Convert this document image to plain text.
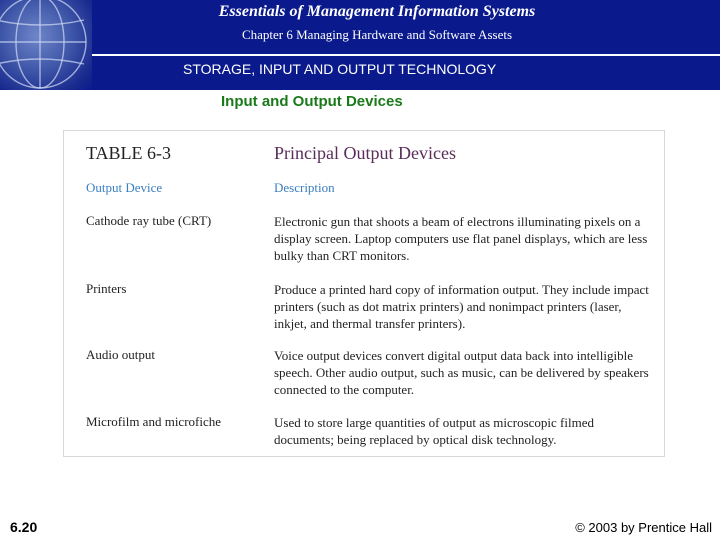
Essentials of Management Information Systems
Chapter 6 Managing Hardware and Software Assets
STORAGE, INPUT AND OUTPUT TECHNOLOGY
Input and Output Devices
TABLE 6-3	Principal Output Devices
Output Device	Description
Cathode ray tube (CRT)	Electronic gun that shoots a beam of electrons illuminating pixels on a display screen. Laptop computers use flat panel displays, which are less bulky than CRT monitors.
Printers	Produce a printed hard copy of information output. They include impact printers (such as dot matrix printers) and nonimpact printers (laser, inkjet, and thermal transfer printers).
Audio output	Voice output devices convert digital output data back into intelligible speech. Other audio output, such as music, can be delivered by speakers connected to the computer.
Microfilm and microfiche	Used to store large quantities of output as microscopic filmed documents; being replaced by optical disk technology.
6.20	© 2003 by Prentice Hall
